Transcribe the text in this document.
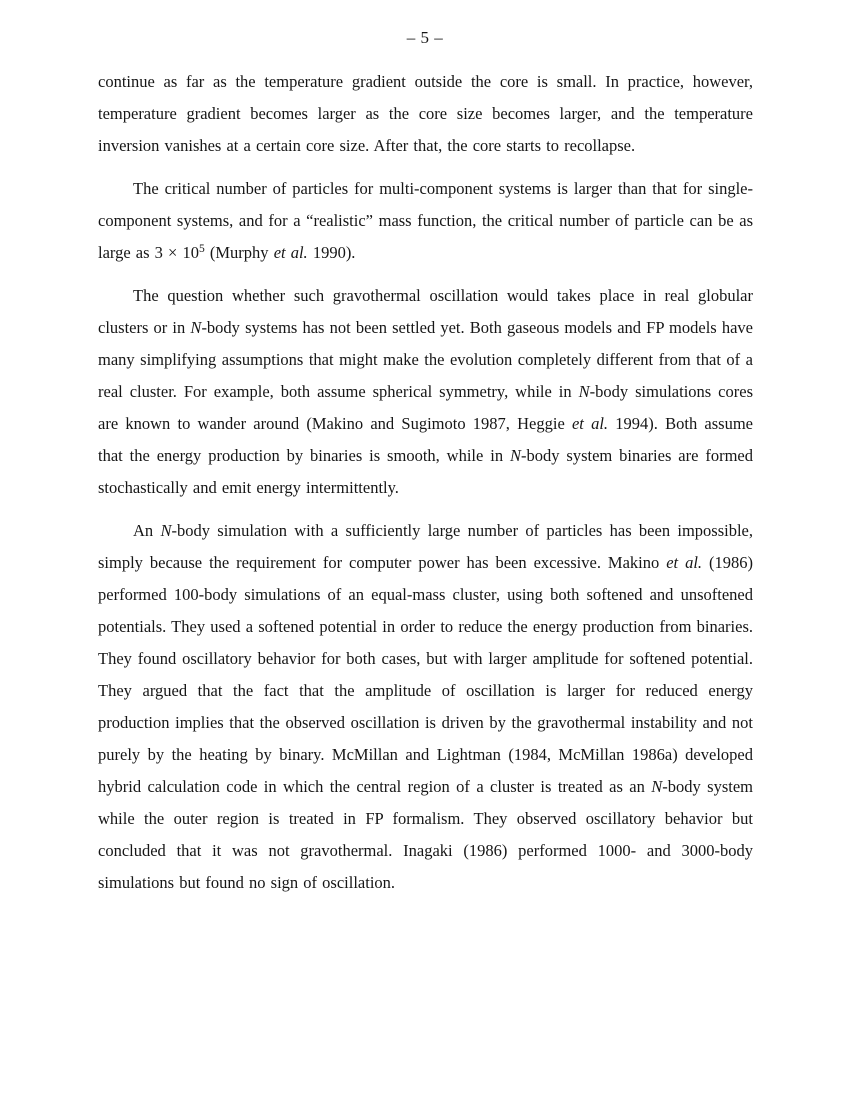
– 5 –

continue as far as the temperature gradient outside the core is small. In practice, however, temperature gradient becomes larger as the core size becomes larger, and the temperature inversion vanishes at a certain core size. After that, the core starts to recollapse.

The critical number of particles for multi-component systems is larger than that for single-component systems, and for a “realistic” mass function, the critical number of particle can be as large as $3 \times 10^5$ (Murphy et al. 1990).

The question whether such gravothermal oscillation would takes place in real globular clusters or in N-body systems has not been settled yet. Both gaseous models and FP models have many simplifying assumptions that might make the evolution completely different from that of a real cluster. For example, both assume spherical symmetry, while in N-body simulations cores are known to wander around (Makino and Sugimoto 1987, Heggie et al. 1994). Both assume that the energy production by binaries is smooth, while in N-body system binaries are formed stochastically and emit energy intermittently.

An N-body simulation with a sufficiently large number of particles has been impossible, simply because the requirement for computer power has been excessive. Makino et al. (1986) performed 100-body simulations of an equal-mass cluster, using both softened and unsoftened potentials. They used a softened potential in order to reduce the energy production from binaries. They found oscillatory behavior for both cases, but with larger amplitude for softened potential. They argued that the fact that the amplitude of oscillation is larger for reduced energy production implies that the observed oscillation is driven by the gravothermal instability and not purely by the heating by binary. McMillan and Lightman (1984, McMillan 1986a) developed hybrid calculation code in which the central region of a cluster is treated as an N-body system while the outer region is treated in FP formalism. They observed oscillatory behavior but concluded that it was not gravothermal. Inagaki (1986) performed 1000- and 3000-body simulations but found no sign of oscillation.
